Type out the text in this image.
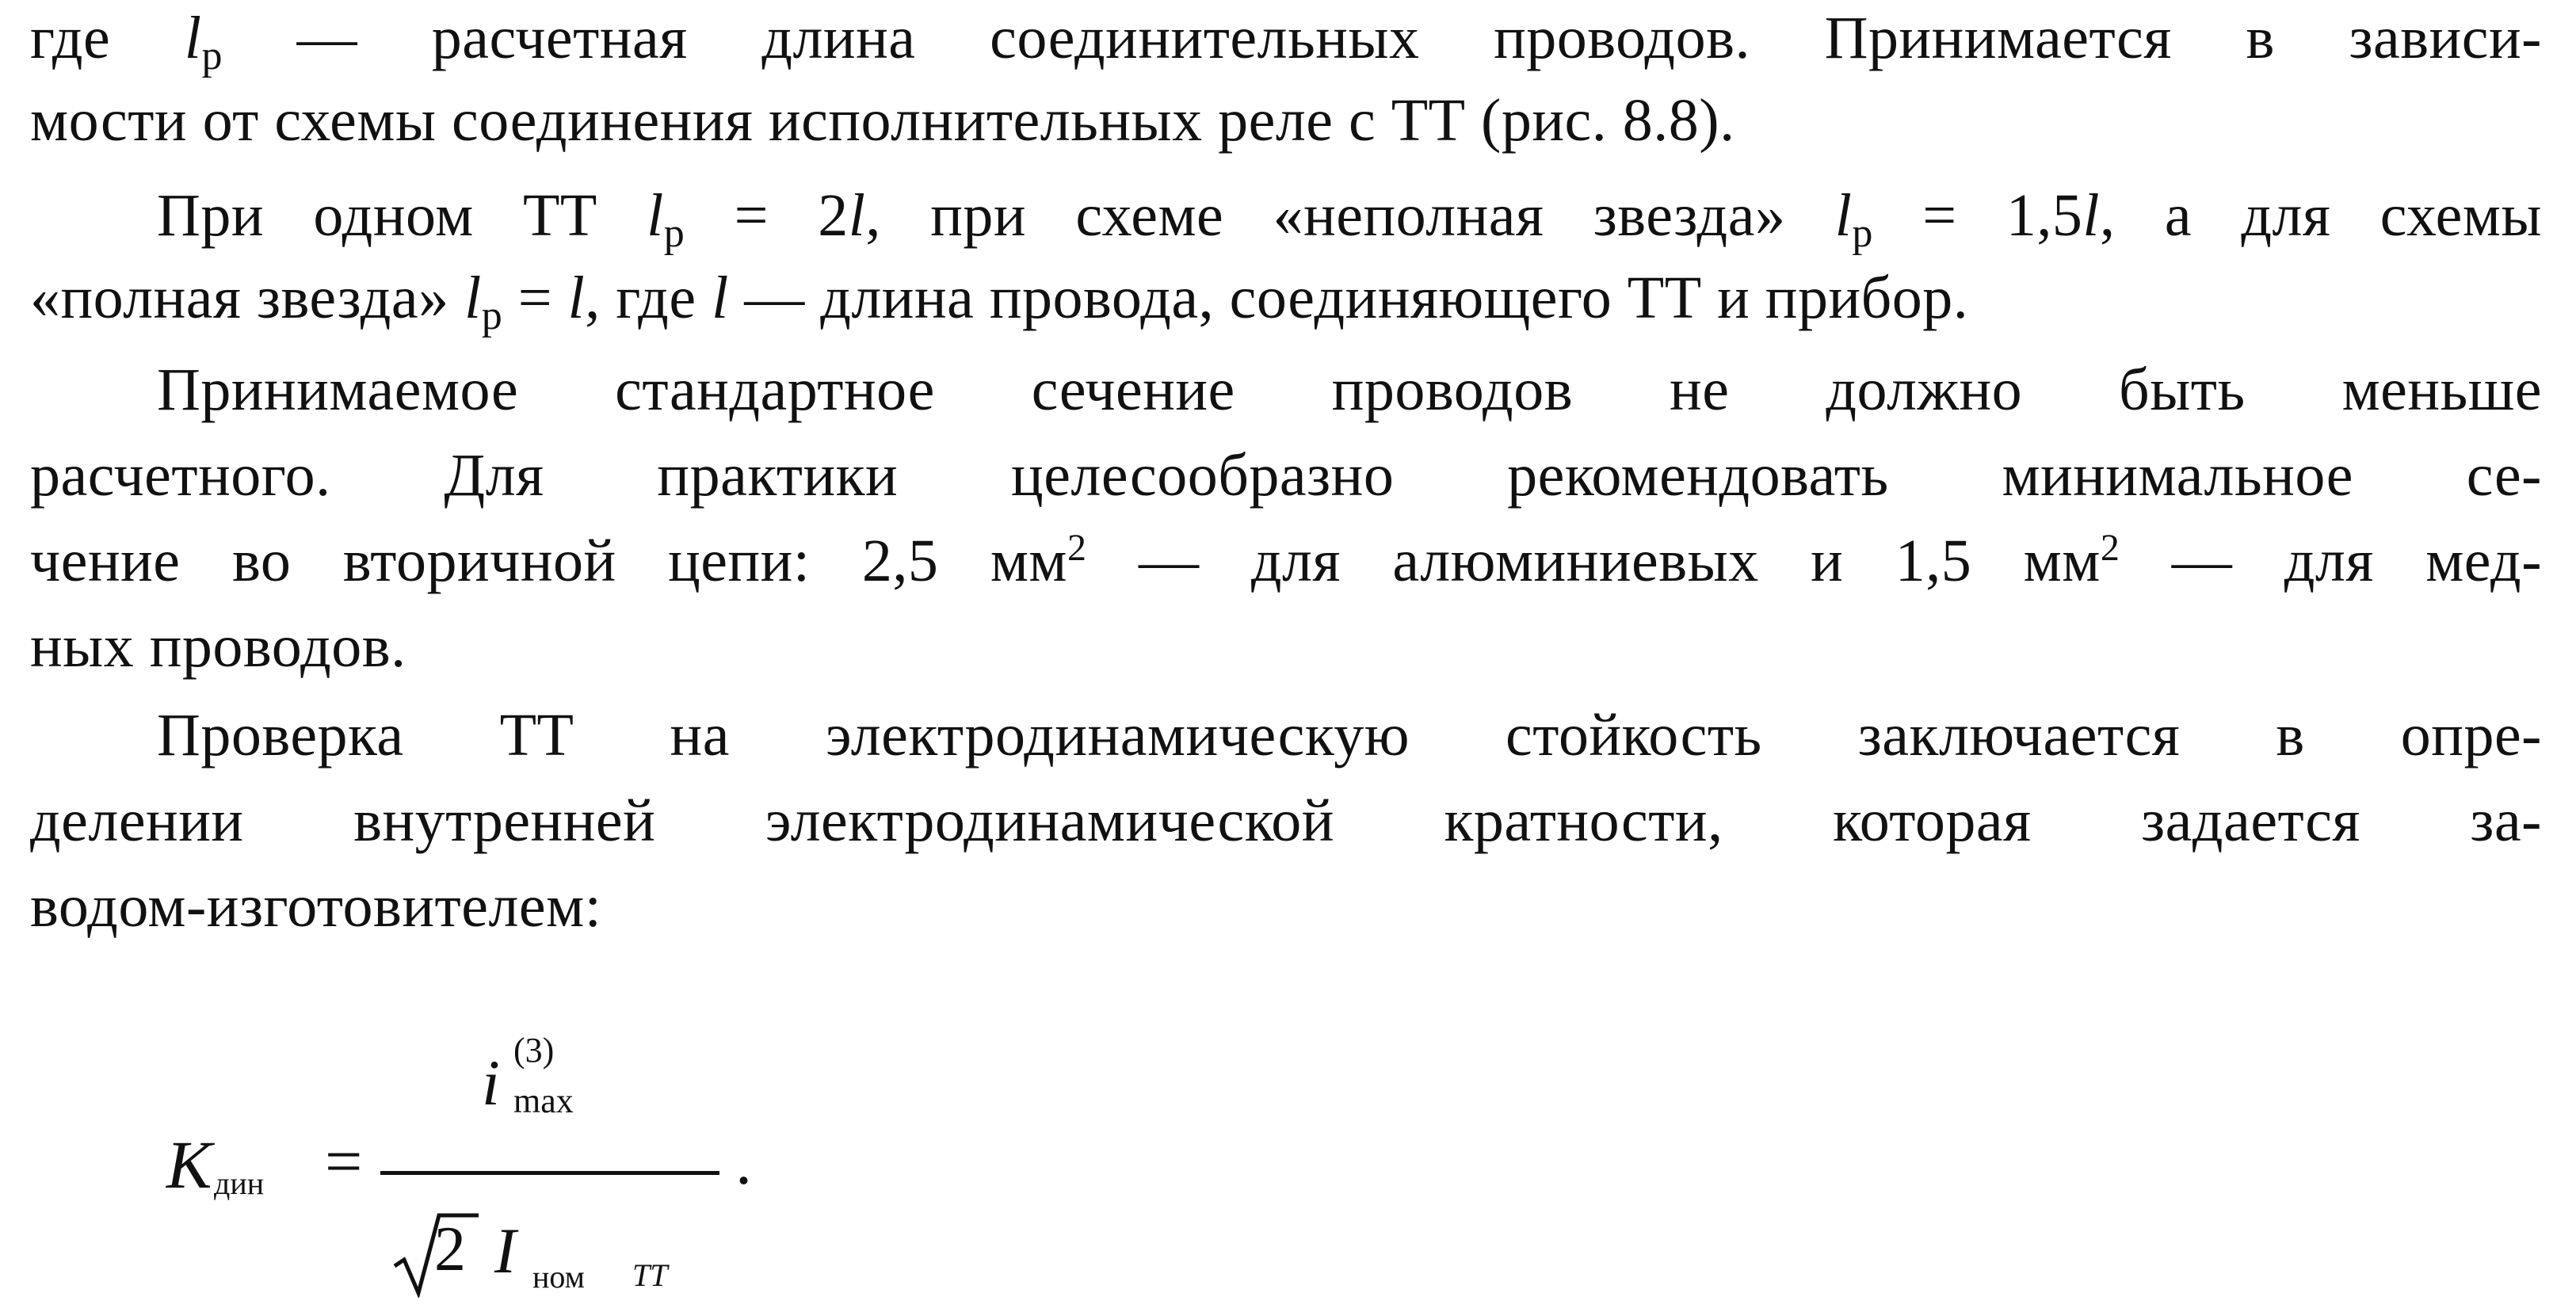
где lр — расчетная длина соединительных проводов. Принимается в зависи-
мости от схемы соединения исполнительных реле с ТТ (рис. 8.8).
При одном ТТ lр = 2l, при схеме «неполная звезда» lр = 1,5l, а для схемы
«полная звезда» lр = l, где l — длина провода, соединяющего ТТ и прибор.
Принимаемое стандартное сечение проводов не должно быть меньше
расчетного. Для практики целесообразно рекомендовать минимальное се-
чение во вторичной цепи: 2,5 $мм^2$ — для алюминиевых и 1,5 $мм^2$ — для мед-
ных проводов.
Проверка ТТ на электродинамическую стойкость заключается в опре-
делении внутренней электродинамической кратности, которая задается за-
водом-изготовителем:
K дин =
i (3)
max
2 I ном TT
.
